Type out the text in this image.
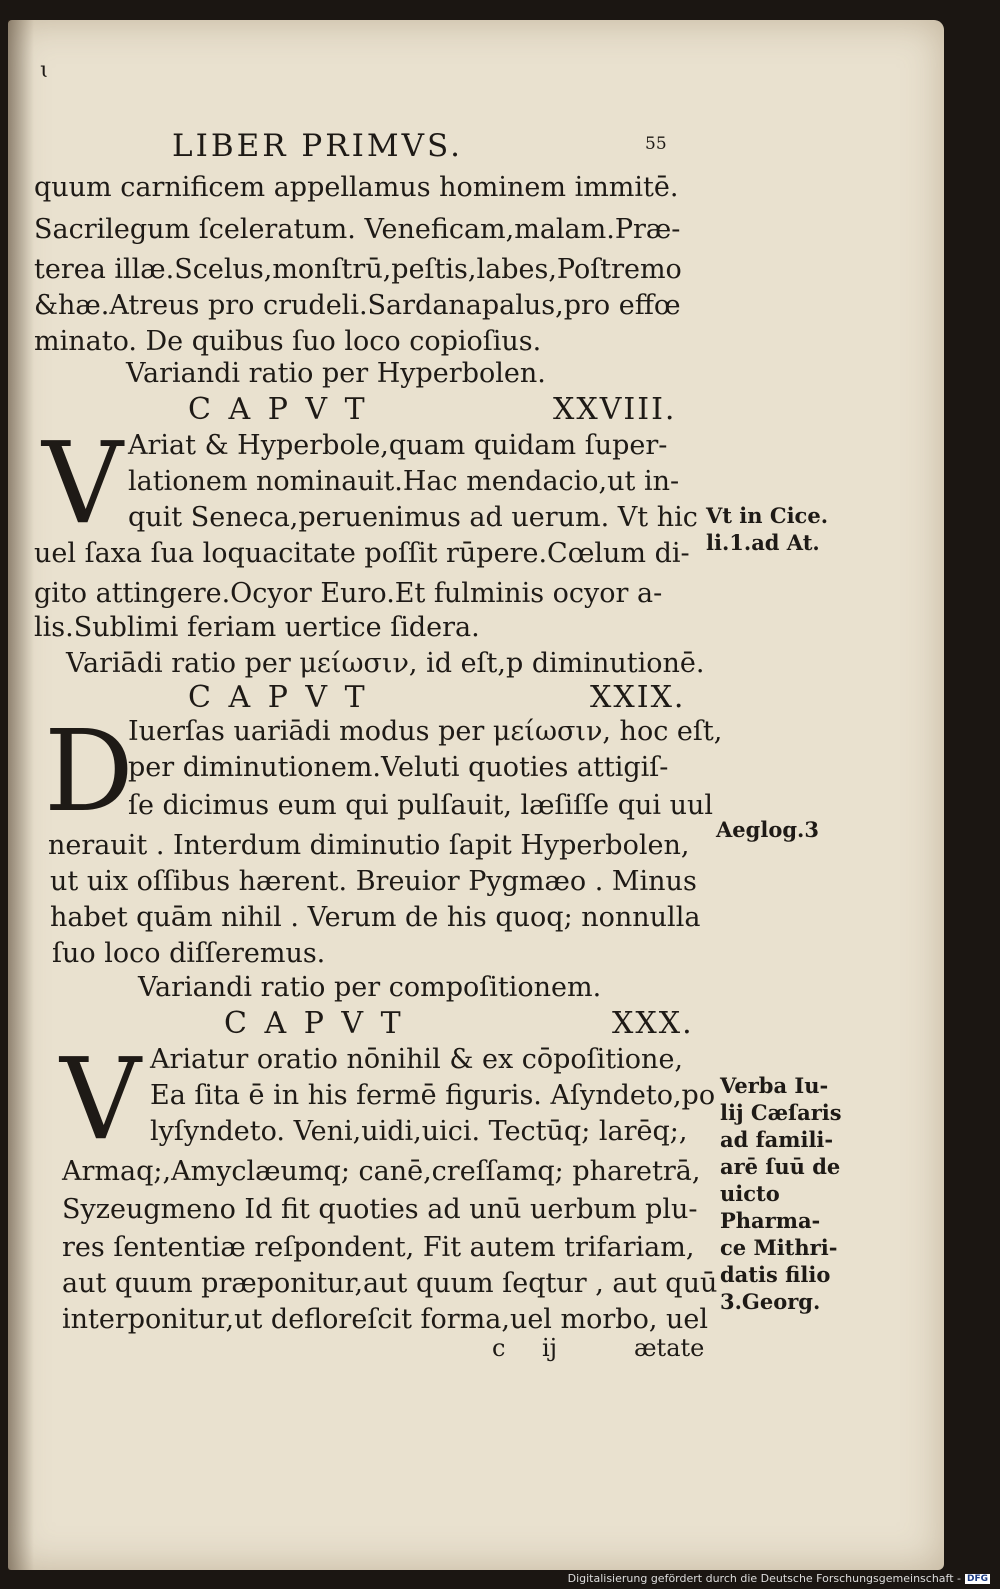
ɩ
LIBER PRIMVS.	55
quum carnificem appellamus hominem immitē.
Sacrilegum ſceleratum. Veneficam,malam.Præ-
terea illæ.Scelus,monſtrū,peſtis,labes,Poſtremo
&hæ.Atreus pro crudeli.Sardanapalus,pro effœ
minato. De quibus ſuo loco copioſius.
Variandi ratio per Hyperbolen.
C A P V T	XXVIII.
V Ariat & Hyperbole,quam quidam ſuper-
lationem nominauit.Hac mendacio,ut in-
quit Seneca,peruenimus ad uerum. Vt hic
uel ſaxa ſua loquacitate poſſit rūpere.Cœlum di-
gito attingere.Ocyor Euro.Et fulminis ocyor a-
lis.Sublimi feriam uertice ſidera.
Variādi ratio per μείωσιν, id eſt,p diminutionē.
C A P V T	XXIX.
D
Iuerſas uariādi modus per μείωσιν, hoc eſt,
per diminutionem.Veluti quoties attigiſ-
ſe dicimus eum qui pulſauit, læſiſſe qui uul
nerauit . Interdum diminutio ſapit Hyperbolen,
ut uix oſſibus hærent. Breuior Pygmæo . Minus
habet quām nihil . Verum de his quoq; nonnulla
ſuo loco diſſeremus.
Variandi ratio per compoſitionem.
C A P V T	XXX.
V Ariatur oratio nōnihil & ex cōpoſitione,
Ea ſita ē in his fermē figuris. Aſyndeto,po
lyſyndeto. Veni,uidi,uici. Tectūq; larēq;,
Armaq;,Amyclæumq; canē,creſſamq; pharetrā,
Syzeugmeno Id fit quoties ad unū uerbum plu-
res ſententiæ reſpondent, Fit autem trifariam,
aut quum præponitur,aut quum ſeqtur , aut quū
interponitur,ut defloreſcit forma,uel morbo, uel
c ij	ætate
Vt in Cice.
li.1.ad At.
Aeglog.3
Verba Iu-
lij Cæſaris
ad famili-
arē ſuū de
uicto
Pharma-
ce Mithri-
datis filio
3.Georg.
Digitalisierung gefördert durch die Deutsche Forschungsgemeinschaft - DFG
